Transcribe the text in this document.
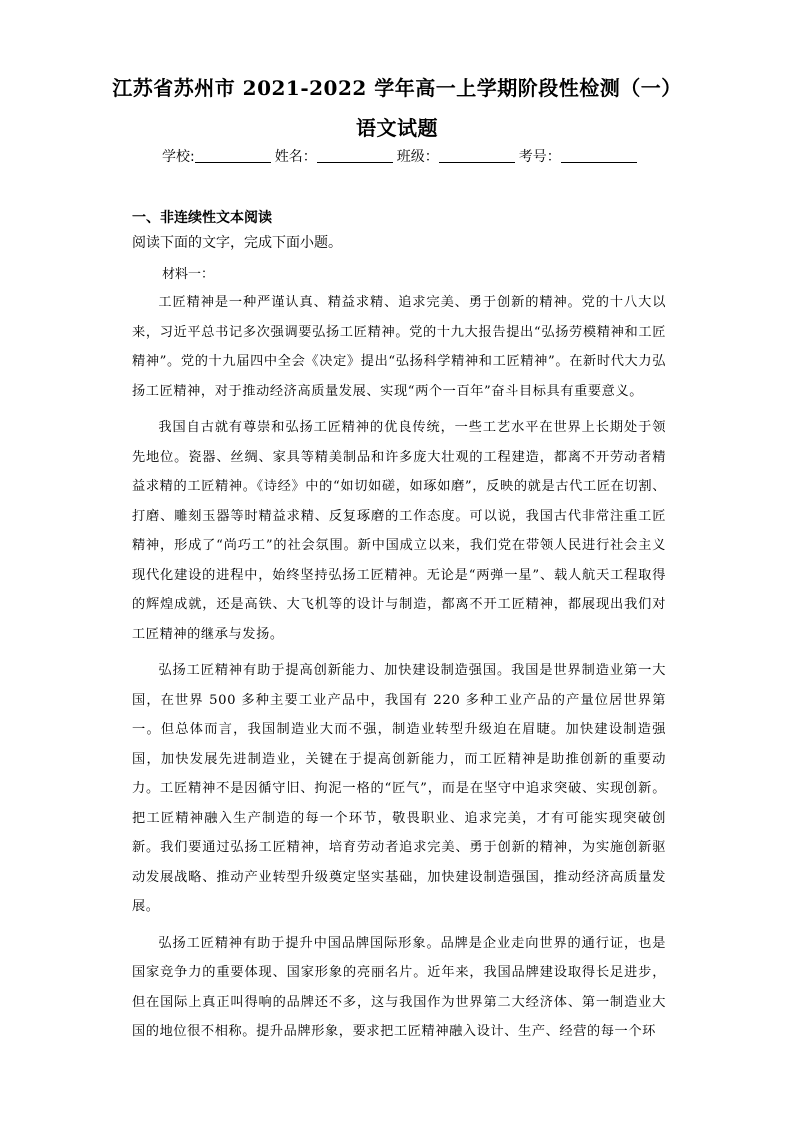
江苏省苏州市 2021-2022 学年高一上学期阶段性检测（一）
语文试题
学校:	姓名：	班级：	考号：
一、非连续性文本阅读
阅读下面的文字，完成下面小题。
材料一：

工匠精神是一种严谨认真、精益求精、追求完美、勇于创新的精神。党的十八大以来，习近平总书记多次强调要弘扬工匠精神。党的十九大报告提出“弘扬劳模精神和工匠精神”。党的十九届四中全会《决定》提出“弘扬科学精神和工匠精神”。在新时代大力弘扬工匠精神，对于推动经济高质量发展、实现“两个一百年”奋斗目标具有重要意义。

我国自古就有尊崇和弘扬工匠精神的优良传统，一些工艺水平在世界上长期处于领先地位。瓷器、丝绸、家具等精美制品和许多庞大壮观的工程建造，都离不开劳动者精益求精的工匠精神。《诗经》中的“如切如磋，如琢如磨”，反映的就是古代工匠在切割、打磨、雕刻玉器等时精益求精、反复琢磨的工作态度。可以说，我国古代非常注重工匠精神，形成了“尚巧工”的社会氛围。新中国成立以来，我们党在带领人民进行社会主义现代化建设的进程中，始终坚持弘扬工匠精神。无论是“两弹一星”、载人航天工程取得的辉煌成就，还是高铁、大飞机等的设计与制造，都离不开工匠精神，都展现出我们对工匠精神的继承与发扬。

弘扬工匠精神有助于提高创新能力、加快建设制造强国。我国是世界制造业第一大国，在世界 500 多种主要工业产品中，我国有 220 多种工业产品的产量位居世界第一。但总体而言，我国制造业大而不强，制造业转型升级迫在眉睫。加快建设制造强国，加快发展先进制造业，关键在于提高创新能力，而工匠精神是助推创新的重要动力。工匠精神不是因循守旧、拘泥一格的“匠气”，而是在坚守中追求突破、实现创新。把工匠精神融入生产制造的每一个环节，敬畏职业、追求完美，才有可能实现突破创新。我们要通过弘扬工匠精神，培育劳动者追求完美、勇于创新的精神，为实施创新驱动发展战略、推动产业转型升级奠定坚实基础，加快建设制造强国，推动经济高质量发展。

弘扬工匠精神有助于提升中国品牌国际形象。品牌是企业走向世界的通行证，也是国家竞争力的重要体现、国家形象的亮丽名片。近年来，我国品牌建设取得长足进步，但在国际上真正叫得响的品牌还不多，这与我国作为世界第二大经济体、第一制造业大国的地位很不相称。提升品牌形象，要求把工匠精神融入设计、生产、经营的每一个环
